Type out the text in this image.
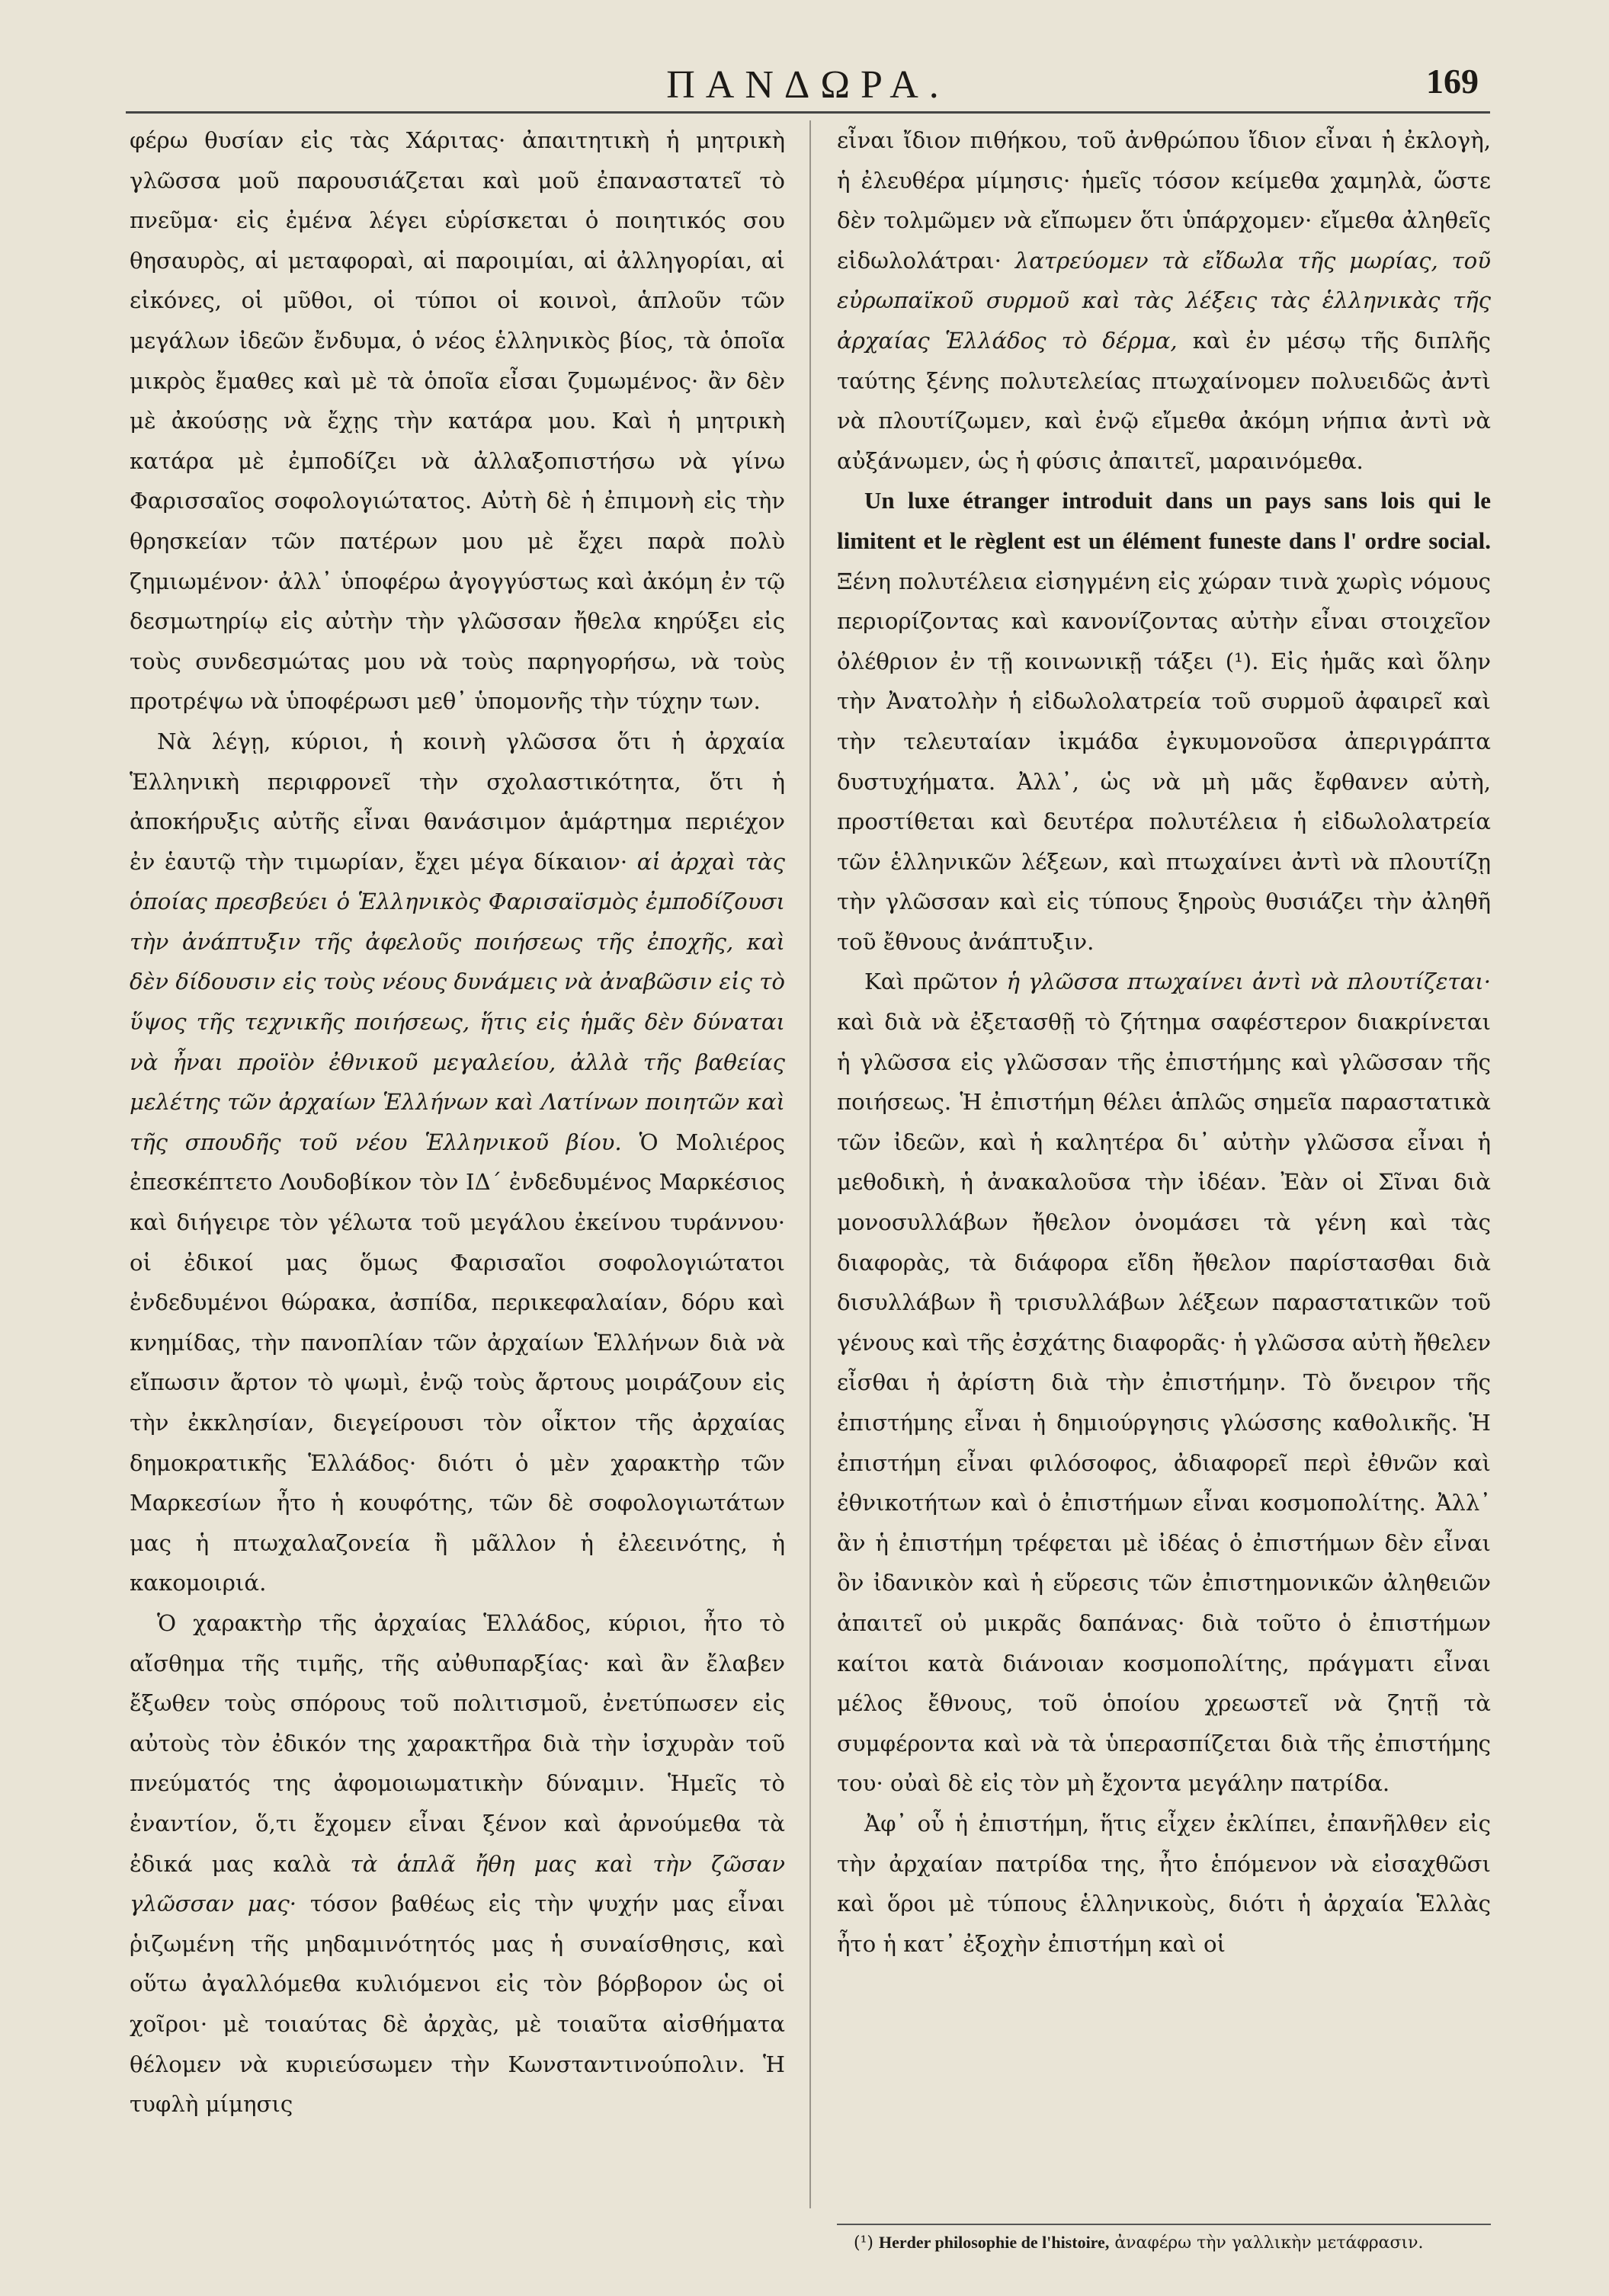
ΠΑΝΔΩΡΑ.	169

φέρω θυσίαν εἰς τὰς Χάριτας· ἀπαιτητικὴ ἡ μητρικὴ γλῶσσα μοῦ παρουσιάζεται καὶ μοῦ ἐπαναστατεῖ τὸ πνεῦμα· εἰς ἐμένα λέγει εὑρίσκεται ὁ ποιητικός σου θησαυρὸς, αἱ μεταφοραὶ, αἱ παροιμίαι, αἱ ἀλληγορίαι, αἱ εἰκόνες, οἱ μῦθοι, οἱ τύποι οἱ κοινοὶ, ἁπλοῦν τῶν μεγάλων ἰδεῶν ἔνδυμα, ὁ νέος ἑλληνικὸς βίος, τὰ ὁποῖα μικρὸς ἔμαθες καὶ μὲ τὰ ὁποῖα εἶσαι ζυμωμένος· ἂν δὲν μὲ ἀκούσῃς νὰ ἔχῃς τὴν κατάρα μου. Καὶ ἡ μητρικὴ κατάρα μὲ ἐμποδίζει νὰ ἀλλαξοπιστήσω νὰ γίνω Φαρισσαῖος σοφολογιώτατος. Αὐτὴ δὲ ἡ ἐπιμονὴ εἰς τὴν θρησκείαν τῶν πατέρων μου μὲ ἔχει παρὰ πολὺ ζημιωμένον· ἀλλ᾽ ὑποφέρω ἀγογγύστως καὶ ἀκόμη ἐν τῷ δεσμωτηρίῳ εἰς αὐτὴν τὴν γλῶσσαν ἤθελα κηρύξει εἰς τοὺς συνδεσμώτας μου νὰ τοὺς παρηγορήσω, νὰ τοὺς προτρέψω νὰ ὑποφέρωσι μεθ᾽ ὑπομονῆς τὴν τύχην των.

Νὰ λέγῃ, κύριοι, ἡ κοινὴ γλῶσσα ὅτι ἡ ἀρχαία Ἑλληνικὴ περιφρονεῖ τὴν σχολαστικότητα, ὅτι ἡ ἀποκήρυξις αὐτῆς εἶναι θανάσιμον ἁμάρτημα περιέχον ἐν ἑαυτῷ τὴν τιμωρίαν, ἔχει μέγα δίκαιον· αἱ ἀρχαὶ τὰς ὁποίας πρεσβεύει ὁ Ἑλληνικὸς Φαρισαϊσμὸς ἐμποδίζουσι τὴν ἀνάπτυξιν τῆς ἀφελοῦς ποιήσεως τῆς ἐποχῆς, καὶ δὲν δίδουσιν εἰς τοὺς νέους δυνάμεις νὰ ἀναβῶσιν εἰς τὸ ὕψος τῆς τεχνικῆς ποιήσεως, ἥτις εἰς ἡμᾶς δὲν δύναται νὰ ἦναι προϊὸν ἐθνικοῦ μεγαλείου, ἀλλὰ τῆς βαθείας μελέτης τῶν ἀρχαίων Ἑλλήνων καὶ Λατίνων ποιητῶν καὶ τῆς σπουδῆς τοῦ νέου Ἑλληνικοῦ βίου. Ὁ Μολιέρος ἐπεσκέπτετο Λουδοβίκον τὸν ΙΔ´ ἐνδεδυμένος Μαρκέσιος καὶ διήγειρε τὸν γέλωτα τοῦ μεγάλου ἐκείνου τυράννου· οἱ ἐδικοί μας ὅμως Φαρισαῖοι σοφολογιώτατοι ἐνδεδυμένοι θώρακα, ἀσπίδα, περικεφαλαίαν, δόρυ καὶ κνημίδας, τὴν πανοπλίαν τῶν ἀρχαίων Ἑλλήνων διὰ νὰ εἴπωσιν ἄρτον τὸ ψωμὶ, ἐνῷ τοὺς ἄρτους μοιράζουν εἰς τὴν ἐκκλησίαν, διεγείρουσι τὸν οἶκτον τῆς ἀρχαίας δημοκρατικῆς Ἑλλάδος· διότι ὁ μὲν χαρακτὴρ τῶν Μαρκεσίων ἦτο ἡ κουφότης, τῶν δὲ σοφολογιωτάτων μας ἡ πτωχαλαζονεία ἢ μᾶλλον ἡ ἐλεεινότης, ἡ κακομοιριά.

Ὁ χαρακτὴρ τῆς ἀρχαίας Ἑλλάδος, κύριοι, ἦτο τὸ αἴσθημα τῆς τιμῆς, τῆς αὐθυπαρξίας· καὶ ἂν ἔλαβεν ἔξωθεν τοὺς σπόρους τοῦ πολιτισμοῦ, ἐνετύπωσεν εἰς αὐτοὺς τὸν ἐδικόν της χαρακτῆρα διὰ τὴν ἰσχυρὰν τοῦ πνεύματός της ἀφομοιωματικὴν δύναμιν. Ἡμεῖς τὸ ἐναντίον, ὅ,τι ἔχομεν εἶναι ξένον καὶ ἀρνούμεθα τὰ ἐδικά μας καλὰ τὰ ἁπλᾶ ἤθη μας καὶ τὴν ζῶσαν γλῶσσαν μας· τόσον βαθέως εἰς τὴν ψυχήν μας εἶναι ῥιζωμένη τῆς μηδαμινότητός μας ἡ συναίσθησις, καὶ οὕτω ἀγαλλόμεθα κυλιόμενοι εἰς τὸν βόρβορον ὡς οἱ χοῖροι· μὲ τοιαύτας δὲ ἀρχὰς, μὲ τοιαῦτα αἰσθήματα θέλομεν νὰ κυριεύσωμεν τὴν Κωνσταντινούπολιν. Ἡ τυφλὴ μίμησις

εἶναι ἴδιον πιθήκου, τοῦ ἀνθρώπου ἴδιον εἶναι ἡ ἐκλογὴ, ἡ ἐλευθέρα μίμησις· ἡμεῖς τόσον κείμεθα χαμηλὰ, ὥστε δὲν τολμῶμεν νὰ εἴπωμεν ὅτι ὑπάρχομεν· εἴμεθα ἀληθεῖς εἰδωλολάτραι· λατρεύομεν τὰ εἴδωλα τῆς μωρίας, τοῦ εὐρωπαϊκοῦ συρμοῦ καὶ τὰς λέξεις τὰς ἑλληνικὰς τῆς ἀρχαίας Ἑλλάδος τὸ δέρμα, καὶ ἐν μέσῳ τῆς διπλῆς ταύτης ξένης πολυτελείας πτωχαίνομεν πολυειδῶς ἀντὶ νὰ πλουτίζωμεν, καὶ ἐνῷ εἴμεθα ἀκόμη νήπια ἀντὶ νὰ αὐξάνωμεν, ὡς ἡ φύσις ἀπαιτεῖ, μαραινόμεθα.

Un luxe étranger introduit dans un pays sans lois qui le limitent et le règlent est un élément funeste dans l' ordre social. Ξένη πολυτέλεια εἰσηγμένη εἰς χώραν τινὰ χωρὶς νόμους περιορίζοντας καὶ κανονίζοντας αὐτὴν εἶναι στοιχεῖον ὀλέθριον ἐν τῇ κοινωνικῇ τάξει (¹). Εἰς ἡμᾶς καὶ ὅλην τὴν Ἀνατολὴν ἡ εἰδωλολατρεία τοῦ συρμοῦ ἀφαιρεῖ καὶ τὴν τελευταίαν ἰκμάδα ἐγκυμονοῦσα ἀπεριγράπτα δυστυχήματα. Ἀλλ᾽, ὡς νὰ μὴ μᾶς ἔφθανεν αὐτὴ, προστίθεται καὶ δευτέρα πολυτέλεια ἡ εἰδωλολατρεία τῶν ἑλληνικῶν λέξεων, καὶ πτωχαίνει ἀντὶ νὰ πλουτίζῃ τὴν γλῶσσαν καὶ εἰς τύπους ξηροὺς θυσιάζει τὴν ἀληθῆ τοῦ ἔθνους ἀνάπτυξιν.

Καὶ πρῶτον ἡ γλῶσσα πτωχαίνει ἀντὶ νὰ πλουτίζεται· καὶ διὰ νὰ ἐξετασθῇ τὸ ζήτημα σαφέστερον διακρίνεται ἡ γλῶσσα εἰς γλῶσσαν τῆς ἐπιστήμης καὶ γλῶσσαν τῆς ποιήσεως. Ἡ ἐπιστήμη θέλει ἁπλῶς σημεῖα παραστατικὰ τῶν ἰδεῶν, καὶ ἡ καλητέρα δι᾽ αὐτὴν γλῶσσα εἶναι ἡ μεθοδικὴ, ἡ ἀνακαλοῦσα τὴν ἰδέαν. Ἐὰν οἱ Σῖναι διὰ μονοσυλλάβων ἤθελον ὀνομάσει τὰ γένη καὶ τὰς διαφορὰς, τὰ διάφορα εἴδη ἤθελον παρίστασθαι διὰ δισυλλάβων ἢ τρισυλλάβων λέξεων παραστατικῶν τοῦ γένους καὶ τῆς ἐσχάτης διαφορᾶς· ἡ γλῶσσα αὐτὴ ἤθελεν εἶσθαι ἡ ἀρίστη διὰ τὴν ἐπιστήμην. Τὸ ὄνειρον τῆς ἐπιστήμης εἶναι ἡ δημιούργησις γλώσσης καθολικῆς. Ἡ ἐπιστήμη εἶναι φιλόσοφος, ἀδιαφορεῖ περὶ ἐθνῶν καὶ ἐθνικοτήτων καὶ ὁ ἐπιστήμων εἶναι κοσμοπολίτης. Ἀλλ᾽ ἂν ἡ ἐπιστήμη τρέφεται μὲ ἰδέας ὁ ἐπιστήμων δὲν εἶναι ὂν ἰδανικὸν καὶ ἡ εὕρεσις τῶν ἐπιστημονικῶν ἀληθειῶν ἀπαιτεῖ οὐ μικρᾶς δαπάνας· διὰ τοῦτο ὁ ἐπιστήμων καίτοι κατὰ διάνοιαν κοσμοπολίτης, πράγματι εἶναι μέλος ἔθνους, τοῦ ὁποίου χρεωστεῖ νὰ ζητῇ τὰ συμφέροντα καὶ νὰ τὰ ὑπερασπίζεται διὰ τῆς ἐπιστήμης του· οὐαὶ δὲ εἰς τὸν μὴ ἔχοντα μεγάλην πατρίδα.

Ἀφ᾽ οὗ ἡ ἐπιστήμη, ἥτις εἶχεν ἐκλίπει, ἐπανῆλθεν εἰς τὴν ἀρχαίαν πατρίδα της, ἦτο ἑπόμενον νὰ εἰσαχθῶσι καὶ ὅροι μὲ τύπους ἑλληνικοὺς, διότι ἡ ἀρχαία Ἑλλὰς ἦτο ἡ κατ᾽ ἐξοχὴν ἐπιστήμη καὶ οἱ

(¹) Herder philosophie de l'histoire, ἀναφέρω τὴν γαλλικὴν μετάφρασιν.
